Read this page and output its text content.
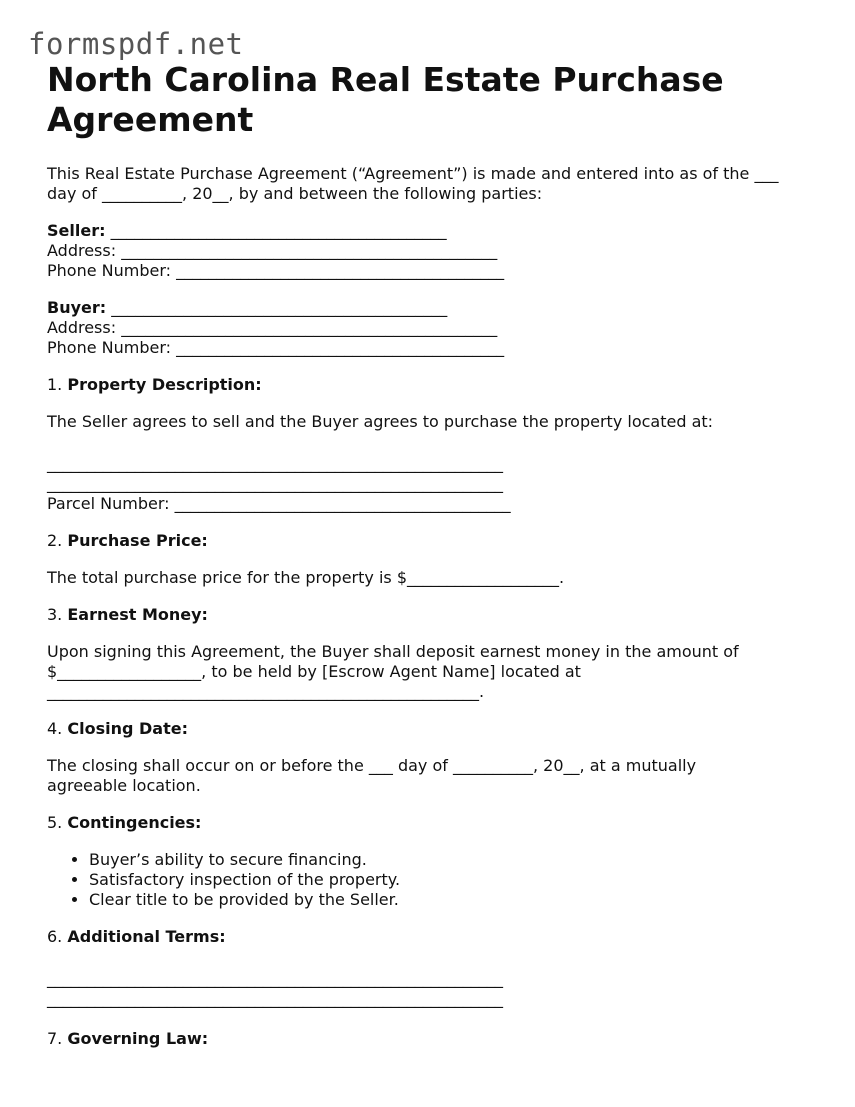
formspdf.net
North Carolina Real Estate Purchase Agreement

This Real Estate Purchase Agreement (“Agreement”) is made and entered into as of the ___ day of __________, 20__, by and between the following parties:

Seller: __________________________________________
Address: _______________________________________________
Phone Number: _________________________________________
Buyer: __________________________________________
Address: _______________________________________________
Phone Number: _________________________________________

1. Property Description:

The Seller agrees to sell and the Buyer agrees to purchase the property located at:

_________________________________________________________
_________________________________________________________
Parcel Number: __________________________________________

2. Purchase Price:

The total purchase price for the property is $___________________.

3. Earnest Money:

Upon signing this Agreement, the Buyer shall deposit earnest money in the amount of $__________________, to be held by [Escrow Agent Name] located at ______________________________________________________.

4. Closing Date:

The closing shall occur on or before the ___ day of __________, 20__, at a mutually agreeable location.

5. Contingencies:

• Buyer’s ability to secure financing.
• Satisfactory inspection of the property.
• Clear title to be provided by the Seller.

6. Additional Terms:

_________________________________________________________
_________________________________________________________

7. Governing Law:
